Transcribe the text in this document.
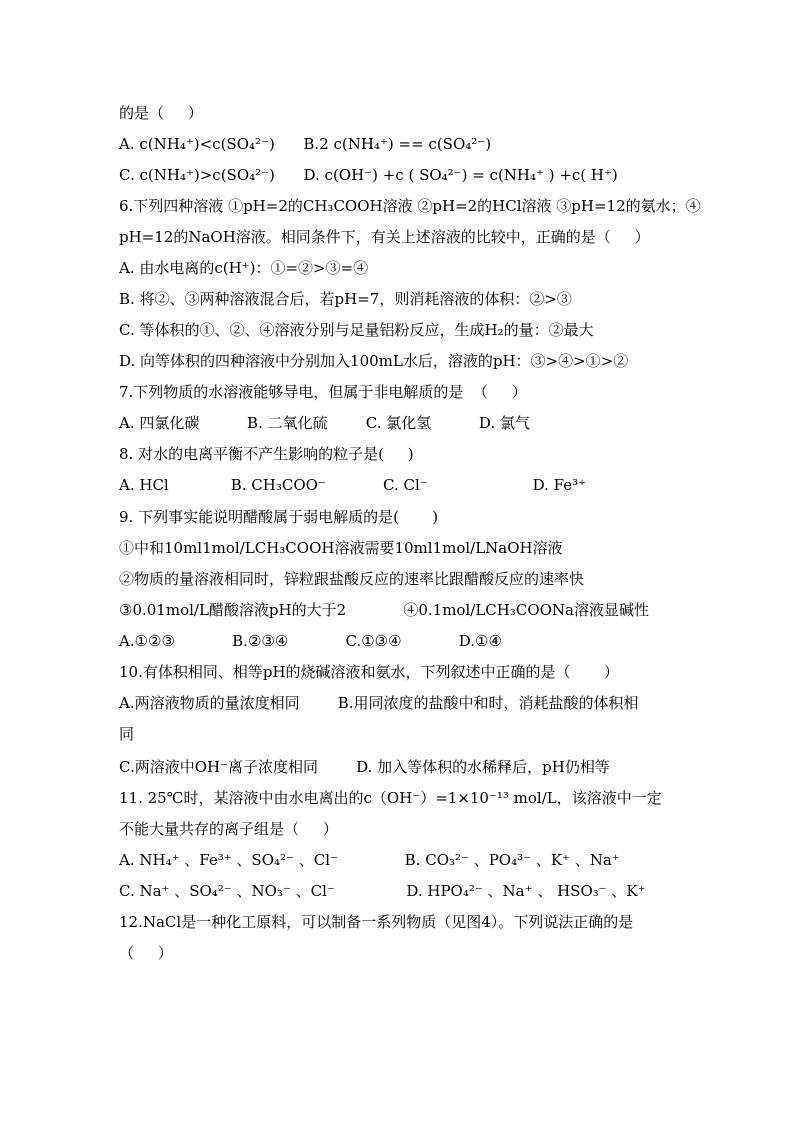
的是（     ）
A. c(NH₄⁺)<c(SO₄²⁻)      B.2 c(NH₄⁺) == c(SO₄²⁻)
C. c(NH₄⁺)>c(SO₄²⁻)      D. c(OH⁻) +c ( SO₄²⁻) = c(NH₄⁺ ) +c( H⁺)
6.下列四种溶液 ①pH=2的CH₃COOH溶液 ②pH=2的HCl溶液 ③pH=12的氨水；④
pH=12的NaOH溶液。相同条件下，有关上述溶液的比较中，正确的是（     ）
A. 由水电离的c(H⁺)：①=②>③=④
B. 将②、③两种溶液混合后，若pH=7，则消耗溶液的体积：②>③
C. 等体积的①、②、④溶液分别与足量铝粉反应，生成H₂的量：②最大
D. 向等体积的四种溶液中分别加入100mL水后，溶液的pH：③>④>①>②
7.下列物质的水溶液能够导电，但属于非电解质的是  （     ）
A. 四氯化碳          B. 二氧化硫        C. 氯化氢          D. 氯气
8. 对水的电离平衡不产生影响的粒子是(     )
A. HCl             B. CH₃COO⁻            C. Cl⁻                      D. Fe³⁺
9. 下列事实能说明醋酸属于弱电解质的是(       )
①中和10ml1mol/LCH₃COOH溶液需要10ml1mol/LNaOH溶液
②物质的量溶液相同时，锌粒跟盐酸反应的速率比跟醋酸反应的速率快
③0.01mol/L醋酸溶液pH的大于2            ④0.1mol/LCH₃COONa溶液显碱性
A.①②③            B.②③④            C.①③④            D.①④
10.有体积相同、相等pH的烧碱溶液和氨水，下列叙述中正确的是（       ）
A.两溶液物质的量浓度相同        B.用同浓度的盐酸中和时，消耗盐酸的体积相
同
C.两溶液中OH⁻离子浓度相同        D. 加入等体积的水稀释后，pH仍相等
11. 25℃时，某溶液中由水电离出的c（OH⁻）=1×10⁻¹³ mol/L，该溶液中一定
不能大量共存的离子组是（     ）
A. NH₄⁺ 、Fe³⁺ 、SO₄²⁻ 、Cl⁻              B. CO₃²⁻ 、PO₄³⁻ 、K⁺ 、Na⁺
C. Na⁺ 、SO₄²⁻ 、NO₃⁻ 、Cl⁻               D. HPO₄²⁻ 、Na⁺ 、 HSO₃⁻ 、K⁺
12.NaCl是一种化工原料，可以制备一系列物质（见图4）。下列说法正确的是
（     ）
